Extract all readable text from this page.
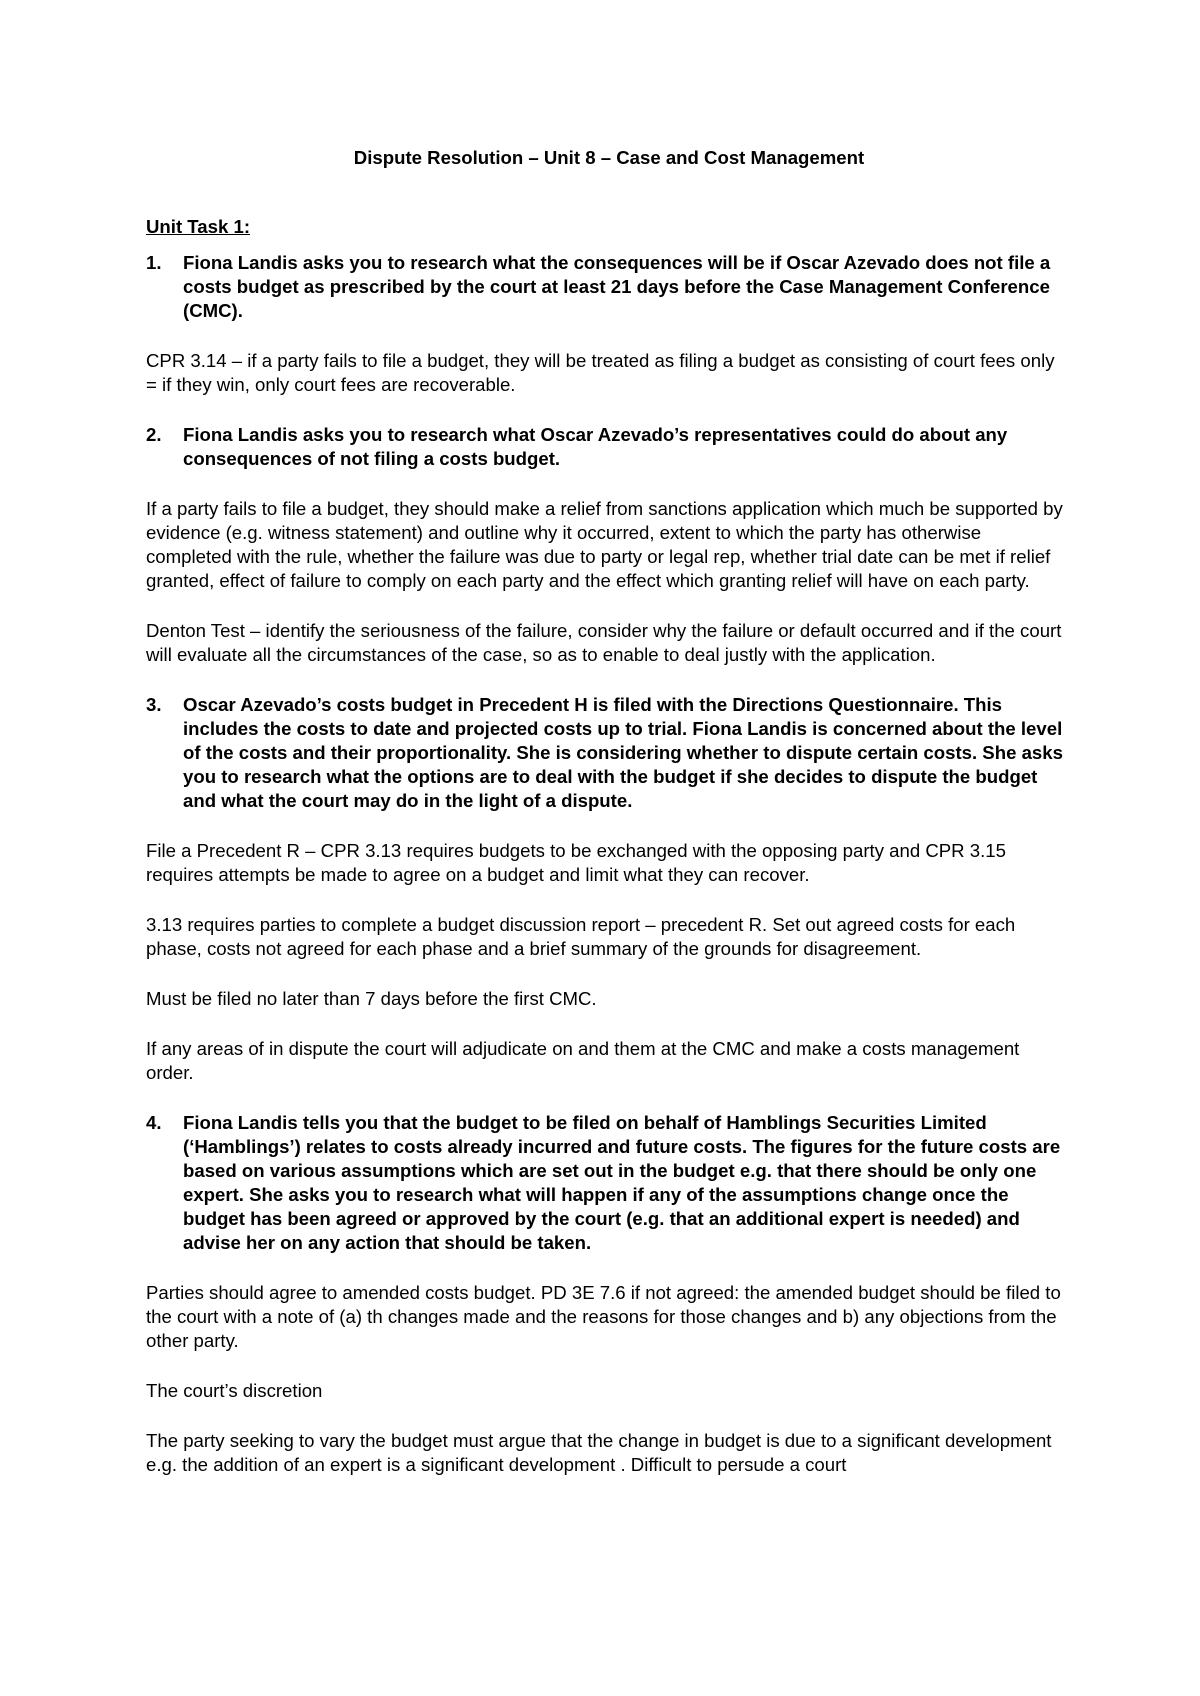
Dispute Resolution – Unit 8 – Case and Cost Management
Unit Task 1:
1.	Fiona Landis asks you to research what the consequences will be if Oscar Azevado does not file a costs budget as prescribed by the court at least 21 days before the Case Management Conference (CMC).
CPR 3.14 – if a party fails to file a budget, they will be treated as filing a budget as consisting of court fees only = if they win, only court fees are recoverable.
2.	Fiona Landis asks you to research what Oscar Azevado’s representatives could do about any consequences of not filing a costs budget.
If a party fails to file a budget, they should make a relief from sanctions application which much be supported by evidence (e.g. witness statement) and outline why it occurred, extent to which the party has otherwise completed with the rule, whether the failure was due to party or legal rep, whether trial date can be met if relief granted, effect of failure to comply on each party and the effect which granting relief will have on each party.
Denton Test – identify the seriousness of the failure, consider why the failure or default occurred and if the court will evaluate all the circumstances of the case, so as to enable to deal justly with the application.
3.	Oscar Azevado’s costs budget in Precedent H is filed with the Directions Questionnaire. This includes the costs to date and projected costs up to trial. Fiona Landis is concerned about the level of the costs and their proportionality. She is considering whether to dispute certain costs. She asks you to research what the options are to deal with the budget if she decides to dispute the budget and what the court may do in the light of a dispute.
File a Precedent R – CPR 3.13 requires budgets to be exchanged with the opposing party and CPR 3.15 requires attempts be made to agree on a budget and limit what they can recover.
3.13 requires parties to complete a budget discussion report – precedent R. Set out agreed costs for each phase, costs not agreed for each phase and a brief summary of the grounds for disagreement.
Must be filed no later than 7 days before the first CMC.
If any areas of in dispute the court will adjudicate on and them at the CMC and make a costs management order.
4.	Fiona Landis tells you that the budget to be filed on behalf of Hamblings Securities Limited (‘Hamblings’) relates to costs already incurred and future costs. The figures for the future costs are based on various assumptions which are set out in the budget e.g. that there should be only one expert. She asks you to research what will happen if any of the assumptions change once the budget has been agreed or approved by the court (e.g. that an additional expert is needed) and advise her on any action that should be taken.
Parties should agree to amended costs budget. PD 3E 7.6 if not agreed: the amended budget should be filed to the court with a note of (a) th changes made and the reasons for those changes and b) any objections from the other party.
The court’s discretion
The party seeking to vary the budget must argue that the change in budget is due to a significant development e.g. the addition of an expert is a significant development . Difficult to persude a court
